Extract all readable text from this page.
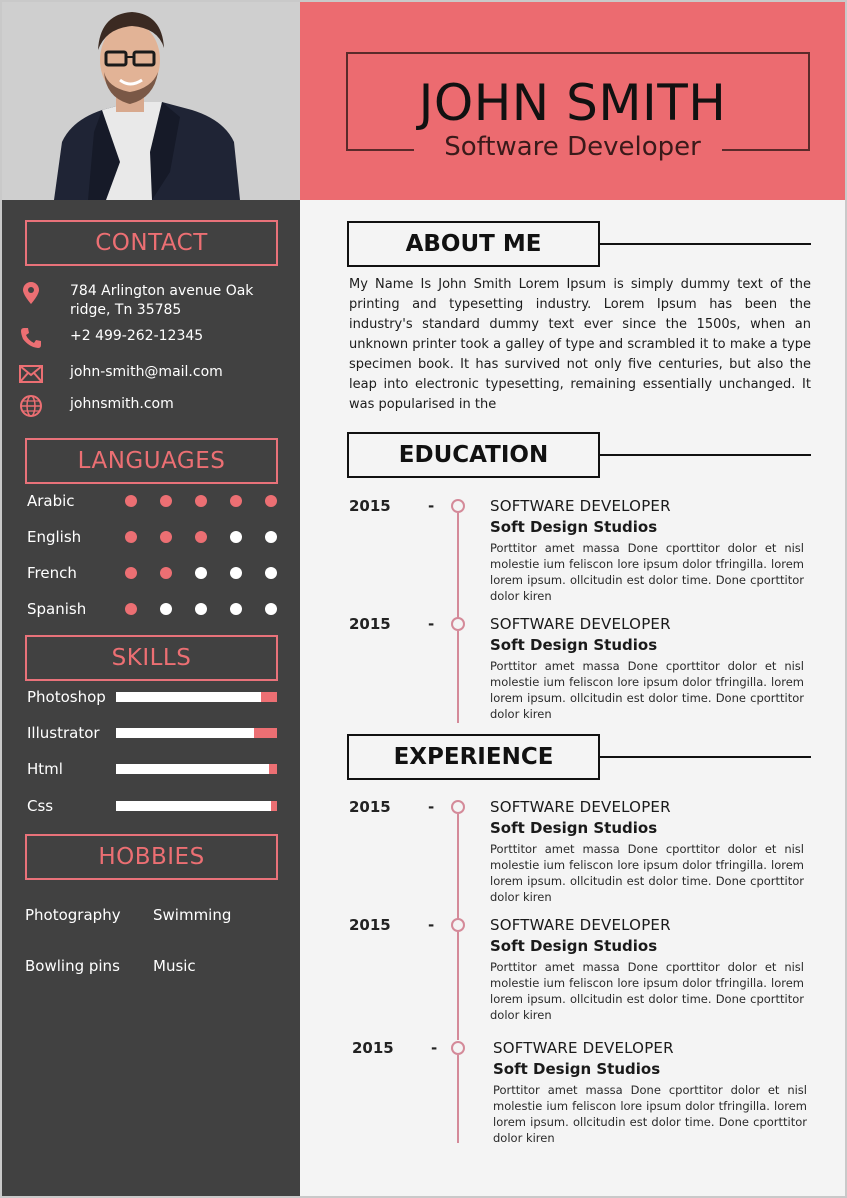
CONTACT
784 Arlington avenue Oak ridge, Tn 35785
+2 499-262-12345
john-smith@mail.com
johnsmith.com
LANGUAGES
Arabic
English
French
Spanish
SKILLS
Photoshop
Illustrator
Html
Css
HOBBIES
Photography Swimming
Bowling pins Music
JOHN SMITH
Software Developer
ABOUT ME

My Name Is John Smith Lorem Ipsum is simply dummy text of the printing and typesetting industry. Lorem Ipsum has been the industry's standard dummy text ever since the 1500s, when an unknown printer took a galley of type and scrambled it to make a type specimen book. It has survived not only five centuries, but also the leap into electronic typesetting, remaining essentially unchanged. It was popularised in the

EDUCATION
2015 -	SOFTWARE DEVELOPER
Soft Design Studios
Porttitor amet massa Done cporttitor dolor et nisl molestie ium feliscon lore ipsum dolor tfringilla. lorem lorem ipsum. ollcitudin est dolor time. Done cporttitor dolor kiren
2015 -	SOFTWARE DEVELOPER
Soft Design Studios
Porttitor amet massa Done cporttitor dolor et nisl molestie ium feliscon lore ipsum dolor tfringilla. lorem lorem ipsum. ollcitudin est dolor time. Done cporttitor dolor kiren
EXPERIENCE
2015 -	SOFTWARE DEVELOPER
Soft Design Studios
Porttitor amet massa Done cporttitor dolor et nisl molestie ium feliscon lore ipsum dolor tfringilla. lorem lorem ipsum. ollcitudin est dolor time. Done cporttitor dolor kiren
2015 -	SOFTWARE DEVELOPER
Soft Design Studios
Porttitor amet massa Done cporttitor dolor et nisl molestie ium feliscon lore ipsum dolor tfringilla. lorem lorem ipsum. ollcitudin est dolor time. Done cporttitor dolor kiren
2015 -	SOFTWARE DEVELOPER
Soft Design Studios
Porttitor amet massa Done cporttitor dolor et nisl molestie ium feliscon lore ipsum dolor tfringilla. lorem lorem ipsum. ollcitudin est dolor time. Done cporttitor dolor kiren
